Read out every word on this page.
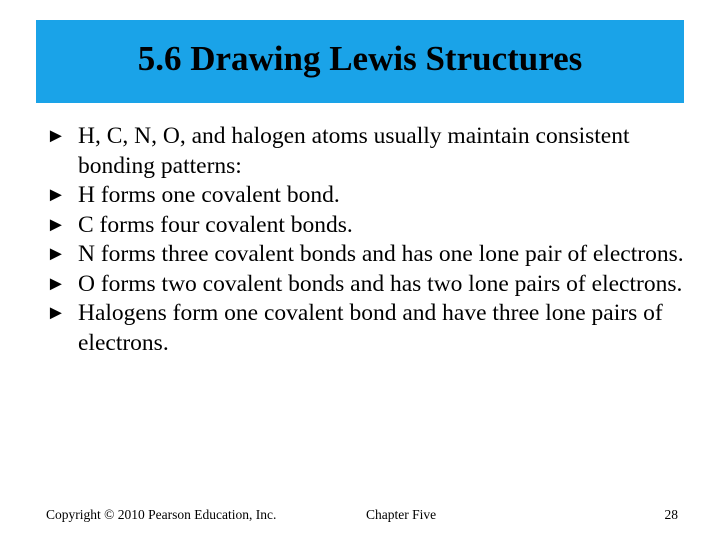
5.6 Drawing Lewis Structures
► H, C, N, O, and halogen atoms usually maintain consistent bonding patterns:
► H forms one covalent bond.
► C forms four covalent bonds.
► N forms three covalent bonds and has one lone pair of electrons.
► O forms two covalent bonds and has two lone pairs of electrons.
► Halogens form one covalent bond and have three lone pairs of electrons.
Copyright © 2010 Pearson Education, Inc.	Chapter Five	28
